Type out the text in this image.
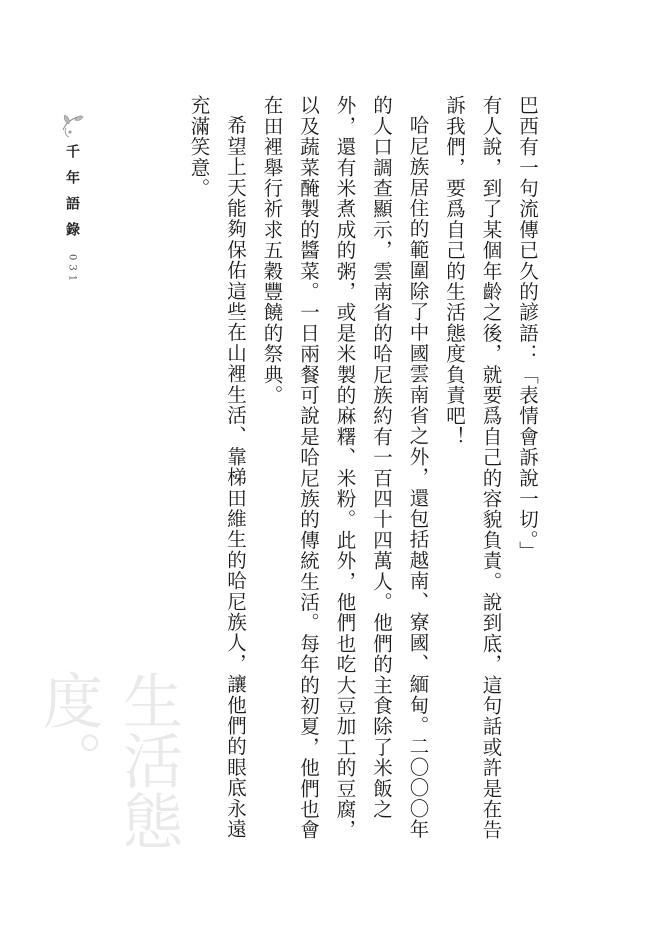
巴西有一句流傳已久的諺語：「表情會訴說一切。」

有人說，到了某個年齡之後，就要爲自己的容貌負責。說到底，這句話或許是在告訴我們，要爲自己的生活態度負責吧！

哈尼族居住的範圍除了中國雲南省之外，還包括越南、寮國、緬甸。二〇〇〇年的人口調查顯示，雲南省的哈尼族約有一百四十四萬人。他們的主食除了米飯之外，還有米煮成的粥，或是米製的麻糬、米粉。此外，他們也吃大豆加工的豆腐，以及蔬菜醃製的醬菜。一日兩餐可說是哈尼族的傳統生活。每年的初夏，他們也會在田裡舉行祈求五穀豐饒的祭典。

希望上天能夠保佑這些在山裡生活、靠梯田維生的哈尼族人，讓他們的眼底永遠充滿笑意。

千年語錄
031
生活態度。
